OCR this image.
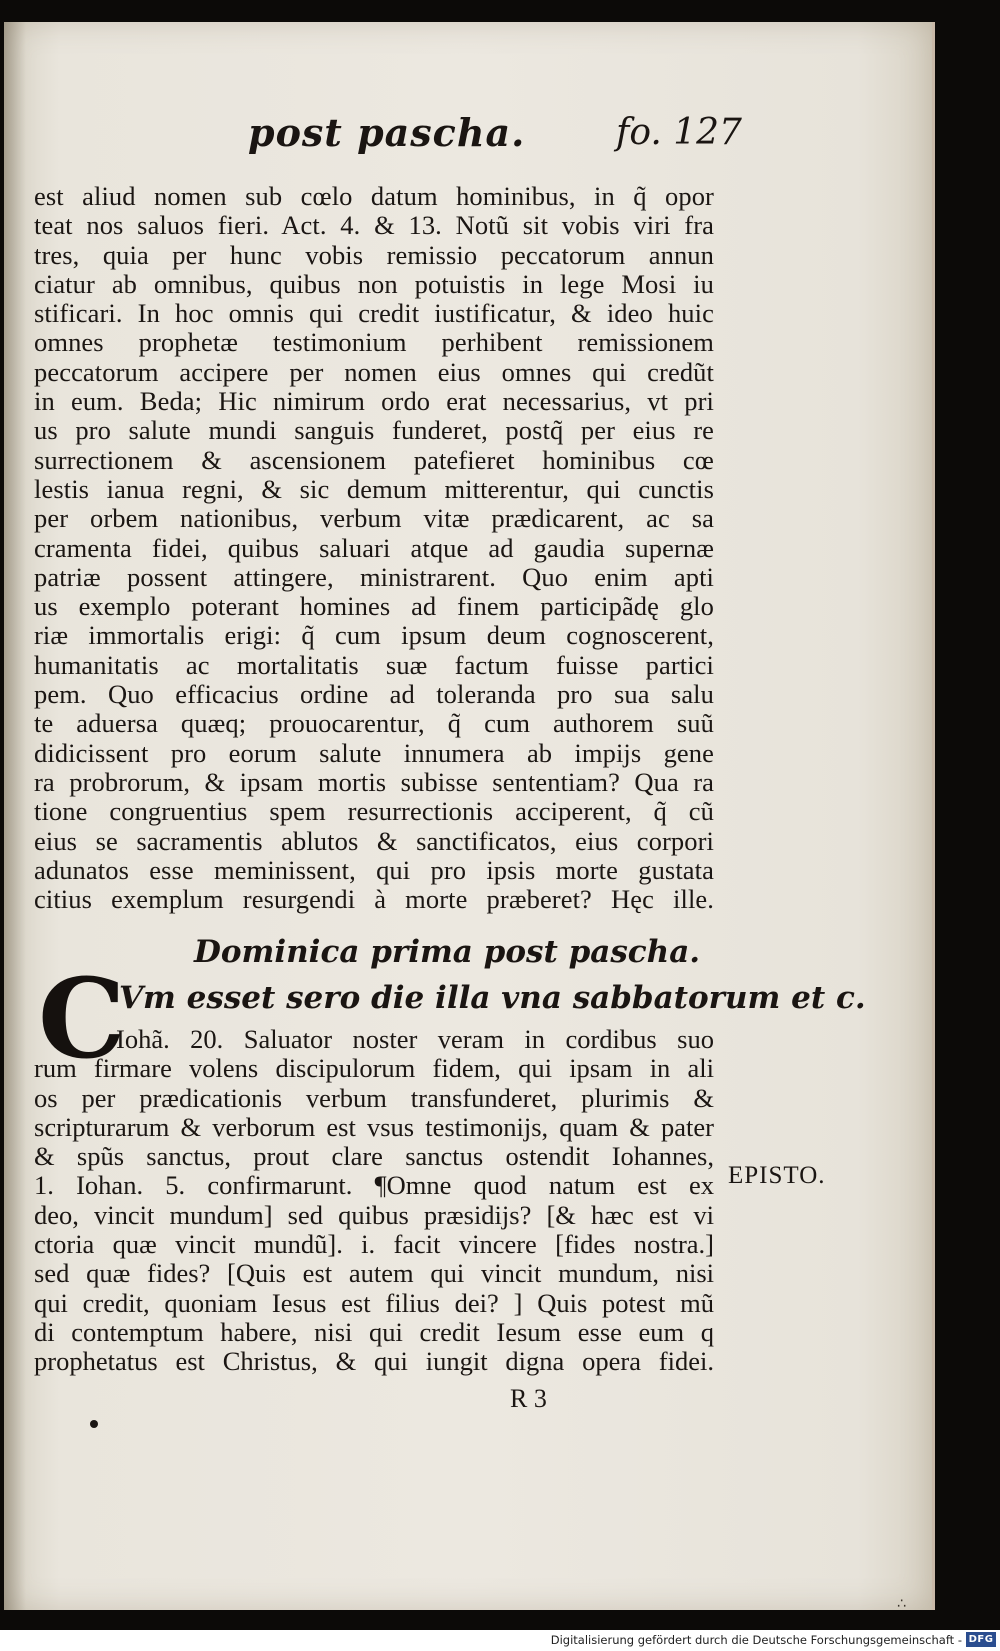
post pascha.	fo. 127
est aliud nomen sub cœlo datum hominibus, in q̃ opor
teat nos saluos fieri. Act. 4. & 13. Notũ sit vobis viri fra
tres, quia per hunc vobis remissio peccatorum annun
ciatur ab omnibus, quibus non potuistis in lege Mosi iu
stificari. In hoc omnis qui credit iustificatur, & ideo huic
omnes prophetæ testimonium perhibent remissionem
peccatorum accipere per nomen eius omnes qui credũt
in eum. Beda; Hic nimirum ordo erat necessarius, vt pri
us pro salute mundi sanguis funderet, postq̃ per eius re
surrectionem & ascensionem patefieret hominibus cœ
lestis ianua regni, & sic demum mitterentur, qui cunctis
per orbem nationibus, verbum vitæ prædicarent, ac sa
cramenta fidei, quibus saluari atque ad gaudia supernæ
patriæ possent attingere, ministrarent. Quo enim apti
us exemplo poterant homines ad finem participãdę glo
riæ immortalis erigi: q̃ cum ipsum deum cognoscerent,
humanitatis ac mortalitatis suæ factum fuisse partici
pem. Quo efficacius ordine ad toleranda pro sua salu
te aduersa quæq; prouocarentur, q̃ cum authorem suũ
didicissent pro eorum salute innumera ab impijs gene
ra probrorum, & ipsam mortis subisse sententiam? Qua ra
tione congruentius spem resurrectionis acciperent, q̃ cũ
eius se sacramentis ablutos & sanctificatos, eius corpori
adunatos esse meminissent, qui pro ipsis morte gustata
citius exemplum resurgendi à morte præberet? Hęc ille.
Dominica prima post pascha.
C
Vm esset sero die illa vna sabbatorum et c.
Iohã. 20. Saluator noster veram in cordibus suo
rum firmare volens discipulorum fidem, qui ipsam in ali
os per prædicationis verbum transfunderet, plurimis &
scripturarum & verborum est vsus testimonijs, quam & pater
& spũs sanctus, prout clare sanctus ostendit Iohannes,
1. Iohan. 5. confirmarunt. ¶Omne quod natum est ex
deo, vincit mundum] sed quibus præsidijs? [& hæc est vi
ctoria quæ vincit mundũ]. i. facit vincere [fides nostra.]
sed quæ fides? [Quis est autem qui vincit mundum, nisi
qui credit, quoniam Iesus est filius dei? ] Quis potest mũ
di contemptum habere, nisi qui credit Iesum esse eum q
prophetatus est Christus, & qui iungit digna opera fidei.
EPISTO.
R 3
∴
Digitalisierung gefördert durch die Deutsche Forschungsgemeinschaft - DFG
